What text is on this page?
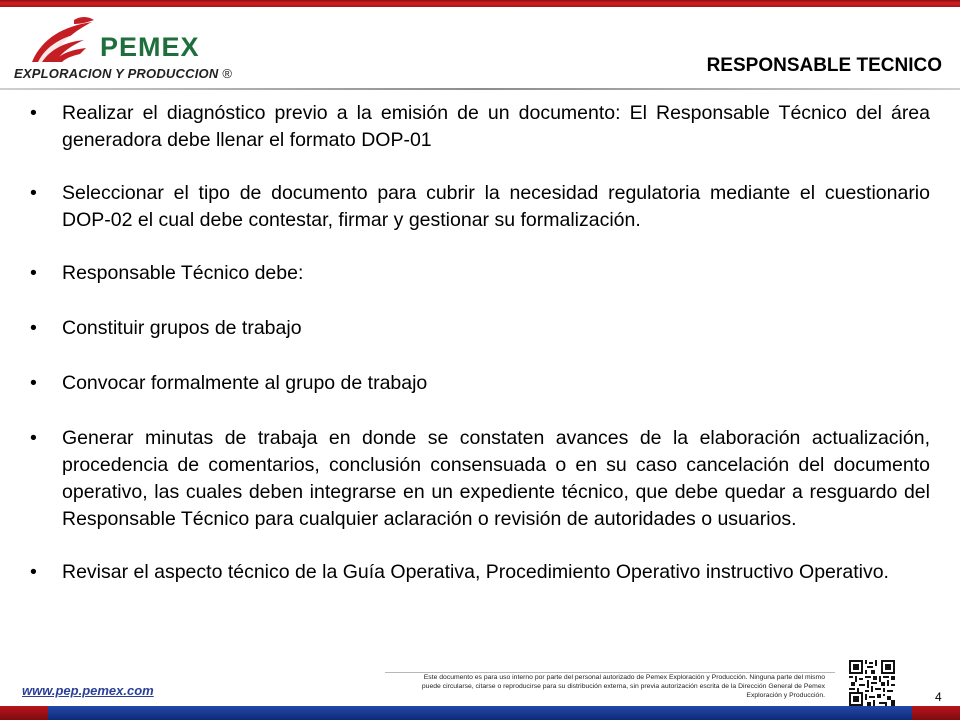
PEMEX
EXPLORACION Y PRODUCCION ®	RESPONSABLE TECNICO
• Realizar el diagnóstico previo a la emisión de un documento: El Responsable Técnico del área generadora debe llenar el formato DOP-01
• Seleccionar el tipo de documento para cubrir la necesidad regulatoria mediante el cuestionario DOP-02 el cual debe contestar, firmar y gestionar su formalización.
• Responsable Técnico debe:
• Constituir grupos de trabajo
• Convocar formalmente al grupo de trabajo
• Generar minutas de trabaja en donde se constaten avances de la elaboración actualización, procedencia de comentarios, conclusión consensuada o en su caso cancelación del documento operativo, las cuales deben integrarse en un expediente técnico, que debe quedar a resguardo del Responsable Técnico para cualquier aclaración o revisión de autoridades o usuarios.
• Revisar el aspecto técnico de la Guía Operativa, Procedimiento Operativo instructivo Operativo.
www.pep.pemex.com
Este documento es para uso interno por parte del personal autorizado de Pemex Exploración y Producción. Ninguna parte del mismo puede circularse, citarse o reproducirse para su distribución externa, sin previa autorización escrita de la Dirección General de Pemex Exploración y Producción.	4
